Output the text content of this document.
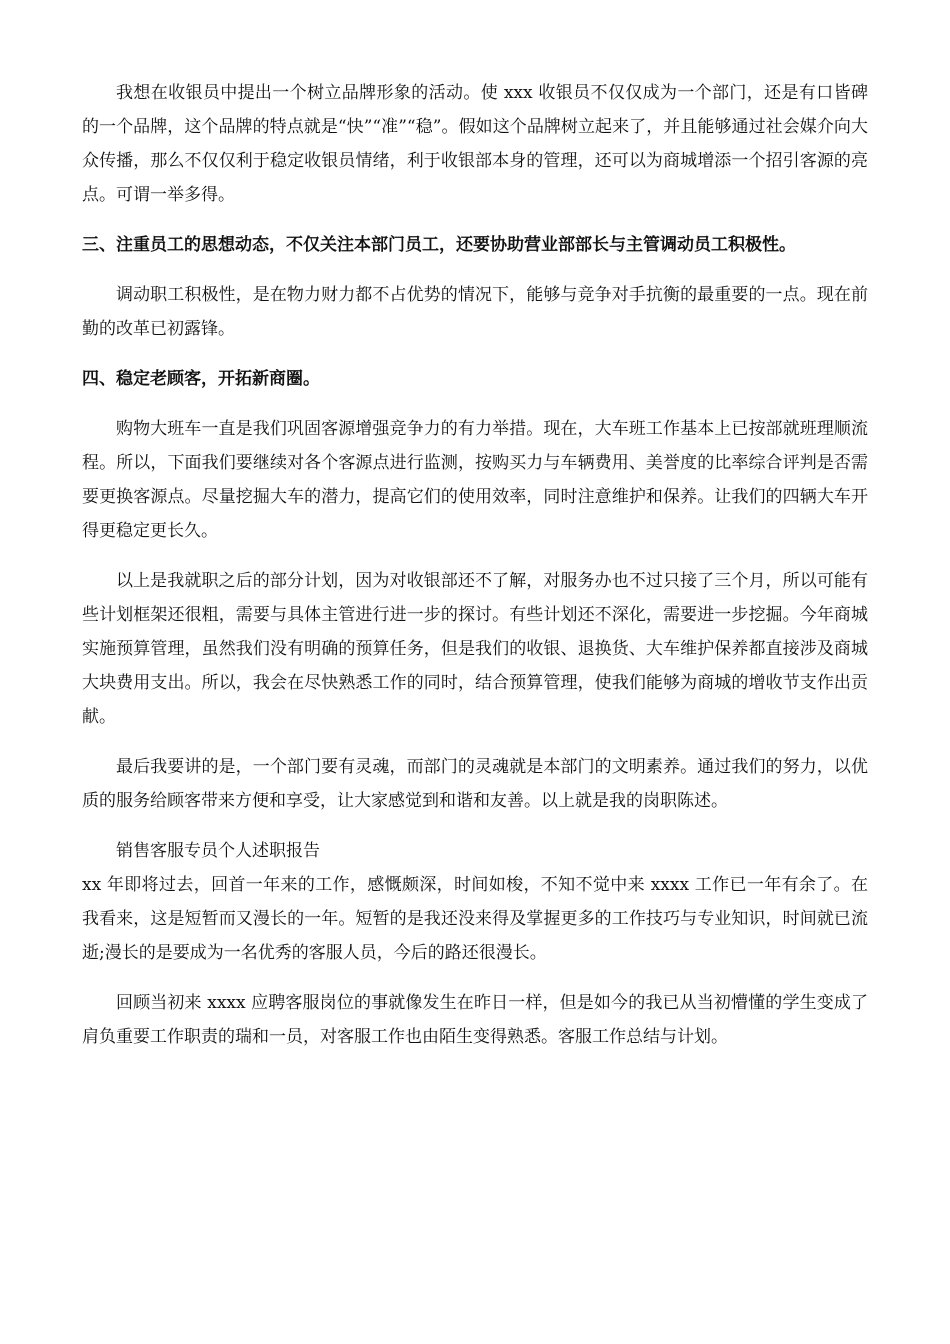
我想在收银员中提出一个树立品牌形象的活动。使 xxx 收银员不仅仅成为一个部门，还是有口皆碑的一个品牌，这个品牌的特点就是“快”“准”“稳”。假如这个品牌树立起来了，并且能够通过社会媒介向大众传播，那么不仅仅利于稳定收银员情绪，利于收银部本身的管理，还可以为商城增添一个招引客源的亮点。可谓一举多得。

三、注重员工的思想动态，不仅关注本部门员工，还要协助营业部部长与主管调动员工积极性。

调动职工积极性，是在物力财力都不占优势的情况下，能够与竞争对手抗衡的最重要的一点。现在前勤的改革已初露锋。

四、稳定老顾客，开拓新商圈。

购物大班车一直是我们巩固客源增强竞争力的有力举措。现在，大车班工作基本上已按部就班理顺流程。所以，下面我们要继续对各个客源点进行监测，按购买力与车辆费用、美誉度的比率综合评判是否需要更换客源点。尽量挖掘大车的潜力，提高它们的使用效率，同时注意维护和保养。让我们的四辆大车开得更稳定更长久。

以上是我就职之后的部分计划，因为对收银部还不了解，对服务办也不过只接了三个月，所以可能有些计划框架还很粗，需要与具体主管进行进一步的探讨。有些计划还不深化，需要进一步挖掘。今年商城实施预算管理，虽然我们没有明确的预算任务，但是我们的收银、退换货、大车维护保养都直接涉及商城大块费用支出。所以，我会在尽快熟悉工作的同时，结合预算管理，使我们能够为商城的增收节支作出贡献。

最后我要讲的是，一个部门要有灵魂，而部门的灵魂就是本部门的文明素养。通过我们的努力，以优质的服务给顾客带来方便和享受，让大家感觉到和谐和友善。以上就是我的岗职陈述。

销售客服专员个人述职报告

xx 年即将过去，回首一年来的工作，感慨颇深，时间如梭，不知不觉中来 xxxx 工作已一年有余了。在我看来，这是短暂而又漫长的一年。短暂的是我还没来得及掌握更多的工作技巧与专业知识，时间就已流逝;漫长的是要成为一名优秀的客服人员，今后的路还很漫长。

回顾当初来 xxxx 应聘客服岗位的事就像发生在昨日一样，但是如今的我已从当初懵懂的学生变成了肩负重要工作职责的瑞和一员，对客服工作也由陌生变得熟悉。客服工作总结与计划。
